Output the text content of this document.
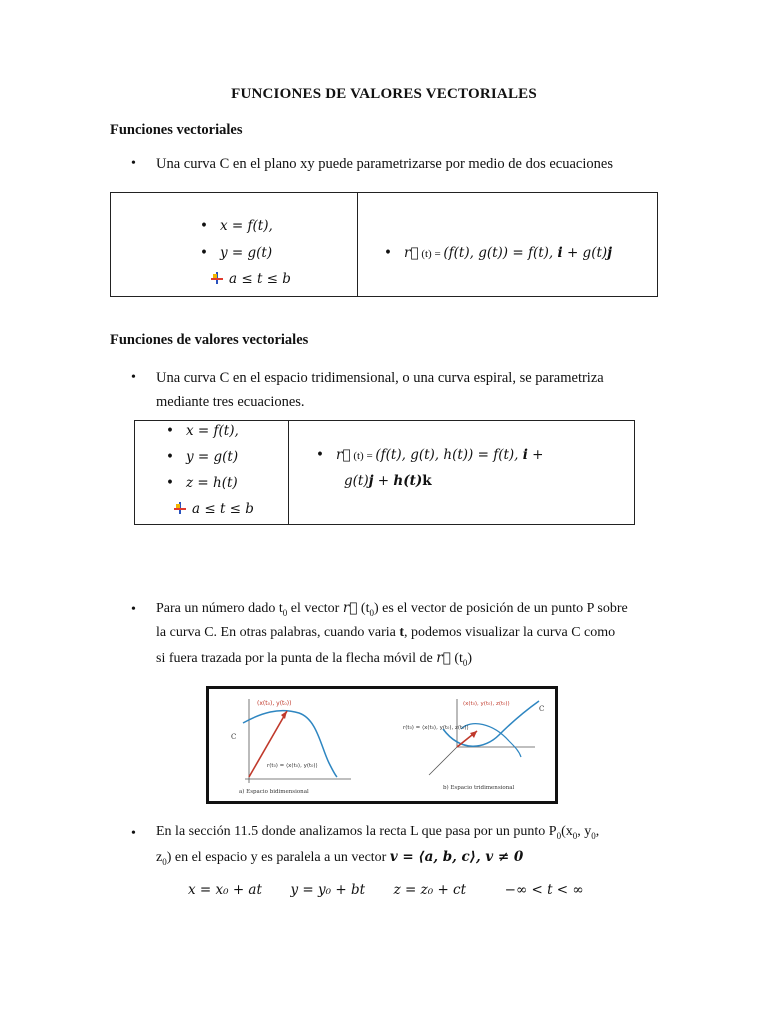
FUNCIONES DE VALORES VECTORIALES
Funciones vectoriales
• Una curva C en el plano xy puede parametrizarse por medio de dos ecuaciones

• x = f(t),
• y = g(t)
a ≤ t ≤ b
• r⃗ (t) = (f(t), g(t)) = f(t), i + g(t)j
Funciones de valores vectoriales
• Una curva C en el espacio tridimensional, o una curva espiral, se parametriza
mediante tres ecuaciones.

• x = f(t),
• y = g(t)
• z = h(t)
a ≤ t ≤ b
• r⃗ (t) = (f(t), g(t), h(t)) = f(t), i +
g(t)j + h(t)k
• Para un número dado $t_0$ el vector r⃗ $(t_0)$ es el vector de posición de un punto P sobre
la curva C. En otras palabras, cuando varia t, podemos visualizar la curva C como
si fuera trazada por la punta de la flecha móvil de r⃗ $(t_0)$
(x(t₀), y(t₀))
r(t₀) = ⟨x(t₀), y(t₀)⟩
C
a) Espacio bidimensional
(x(t₀), y(t₀), z(t₀))
r(t₀) = ⟨x(t₀), y(t₀), z(t₀)⟩
C
b) Espacio tridimensional
• En la sección 11.5 donde analizamos la recta L que pasa por un punto $P_0(x_0$, $y_0$,
$z_0$) en el espacio y es paralela a un vector v = ⟨a, b, c⟩, v ≠ 0
x = x₀ + at y = y₀ + bt z = z₀ + ct	−∞ < t < ∞
